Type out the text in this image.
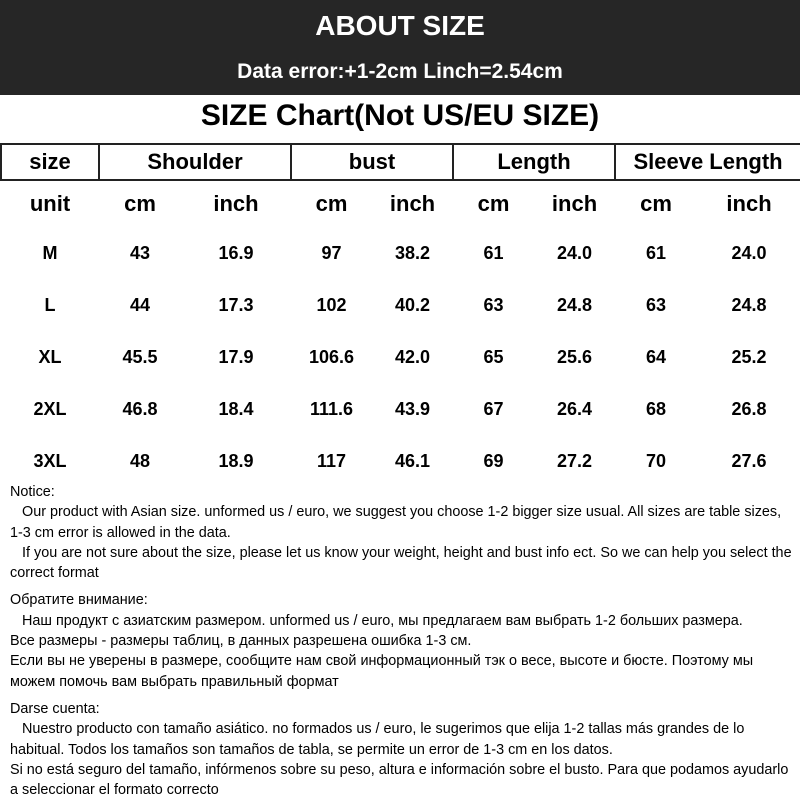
ABOUT SIZE
Data error:+1-2cm Linch=2.54cm
SIZE Chart(Not US/EU SIZE)
size	Shoulder		bust		Length		Sleeve Length	
unit	cm	inch	cm	inch	cm	inch	cm	inch
M	43	16.9	97	38.2	61	24.0	61	24.0
L	44	17.3	102	40.2	63	24.8	63	24.8
XL	45.5	17.9	106.6	42.0	65	25.6	64	25.2
2XL	46.8	18.4	111.6	43.9	67	26.4	68	26.8
3XL	48	18.9	117	46.1	69	27.2	70	27.6

Notice:

Our product with Asian size. unformed us / euro, we suggest you choose 1-2 bigger size usual. All sizes are table sizes, 1-3 cm error is allowed in the data.

If you are not sure about the size, please let us know your weight, height and bust info ect. So we can help you select the correct format

Обратите внимание:

Наш продукт с азиатским размером. unformed us / euro, мы предлагаем вам выбрать 1-2 больших размера.

Все размеры - размеры таблиц, в данных разрешена ошибка 1-3 см.

Если вы не уверены в размере, сообщите нам свой информационный тэк о весе, высоте и бюсте. Поэтому мы можем помочь вам выбрать правильный формат

Darse cuenta:

Nuestro producto con tamaño asiático. no formados us / euro, le sugerimos que elija 1-2 tallas más grandes de lo habitual. Todos los tamaños son tamaños de tabla, se permite un error de 1-3 cm en los datos.

Si no está seguro del tamaño, infórmenos sobre su peso, altura e información sobre el busto. Para que podamos ayudarlo a seleccionar el formato correcto
